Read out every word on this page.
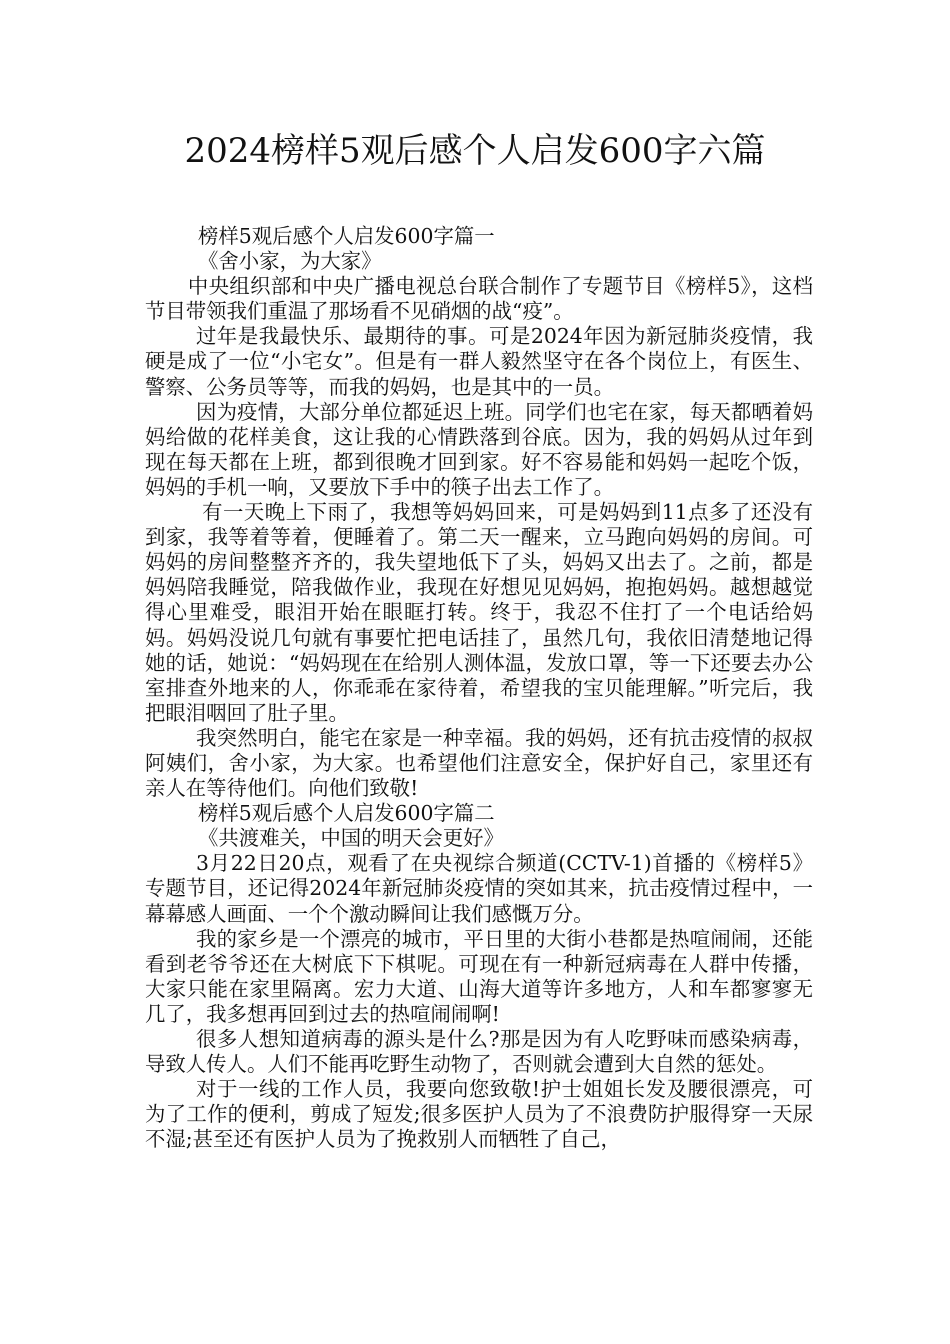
2024榜样5观后感个人启发600字六篇

榜样5观后感个人启发600字篇一

《舍小家，为大家》

中央组织部和中央广播电视总台联合制作了专题节目《榜样5》，这档节目带领我们重温了那场看不见硝烟的战“疫”。

过年是我最快乐、最期待的事。可是2024年因为新冠肺炎疫情，我硬是成了一位“小宅女”。但是有一群人毅然坚守在各个岗位上，有医生、警察、公务员等等，而我的妈妈，也是其中的一员。

因为疫情，大部分单位都延迟上班。同学们也宅在家，每天都晒着妈妈给做的花样美食，这让我的心情跌落到谷底。因为，我的妈妈从过年到现在每天都在上班，都到很晚才回到家。好不容易能和妈妈一起吃个饭，妈妈的手机一响，又要放下手中的筷子出去工作了。

有一天晚上下雨了，我想等妈妈回来，可是妈妈到11点多了还没有到家，我等着等着，便睡着了。第二天一醒来，立马跑向妈妈的房间。可妈妈的房间整整齐齐的，我失望地低下了头，妈妈又出去了。之前，都是妈妈陪我睡觉，陪我做作业，我现在好想见见妈妈，抱抱妈妈。越想越觉得心里难受，眼泪开始在眼眶打转。终于，我忍不住打了一个电话给妈妈。妈妈没说几句就有事要忙把电话挂了，虽然几句，我依旧清楚地记得她的话，她说：“妈妈现在在给别人测体温，发放口罩，等一下还要去办公室排查外地来的人，你乖乖在家待着，希望我的宝贝能理解。”听完后，我把眼泪咽回了肚子里。

我突然明白，能宅在家是一种幸福。我的妈妈，还有抗击疫情的叔叔阿姨们，舍小家，为大家。也希望他们注意安全，保护好自己，家里还有亲人在等待他们。向他们致敬!

榜样5观后感个人启发600字篇二

《共渡难关，中国的明天会更好》

3月22日20点，观看了在央视综合频道(CCTV-1)首播的《榜样5》专题节目，还记得2024年新冠肺炎疫情的突如其来，抗击疫情过程中，一幕幕感人画面、一个个激动瞬间让我们感慨万分。

我的家乡是一个漂亮的城市，平日里的大街小巷都是热喧闹闹，还能看到老爷爷还在大树底下下棋呢。可现在有一种新冠病毒在人群中传播，大家只能在家里隔离。宏力大道、山海大道等许多地方，人和车都寥寥无几了，我多想再回到过去的热喧闹闹啊!

很多人想知道病毒的源头是什么?那是因为有人吃野味而感染病毒，导致人传人。人们不能再吃野生动物了，否则就会遭到大自然的惩处。

对于一线的工作人员，我要向您致敬!护士姐姐长发及腰很漂亮，可为了工作的便利，剪成了短发;很多医护人员为了不浪费防护服得穿一天尿不湿;甚至还有医护人员为了挽救别人而牺牲了自己，
